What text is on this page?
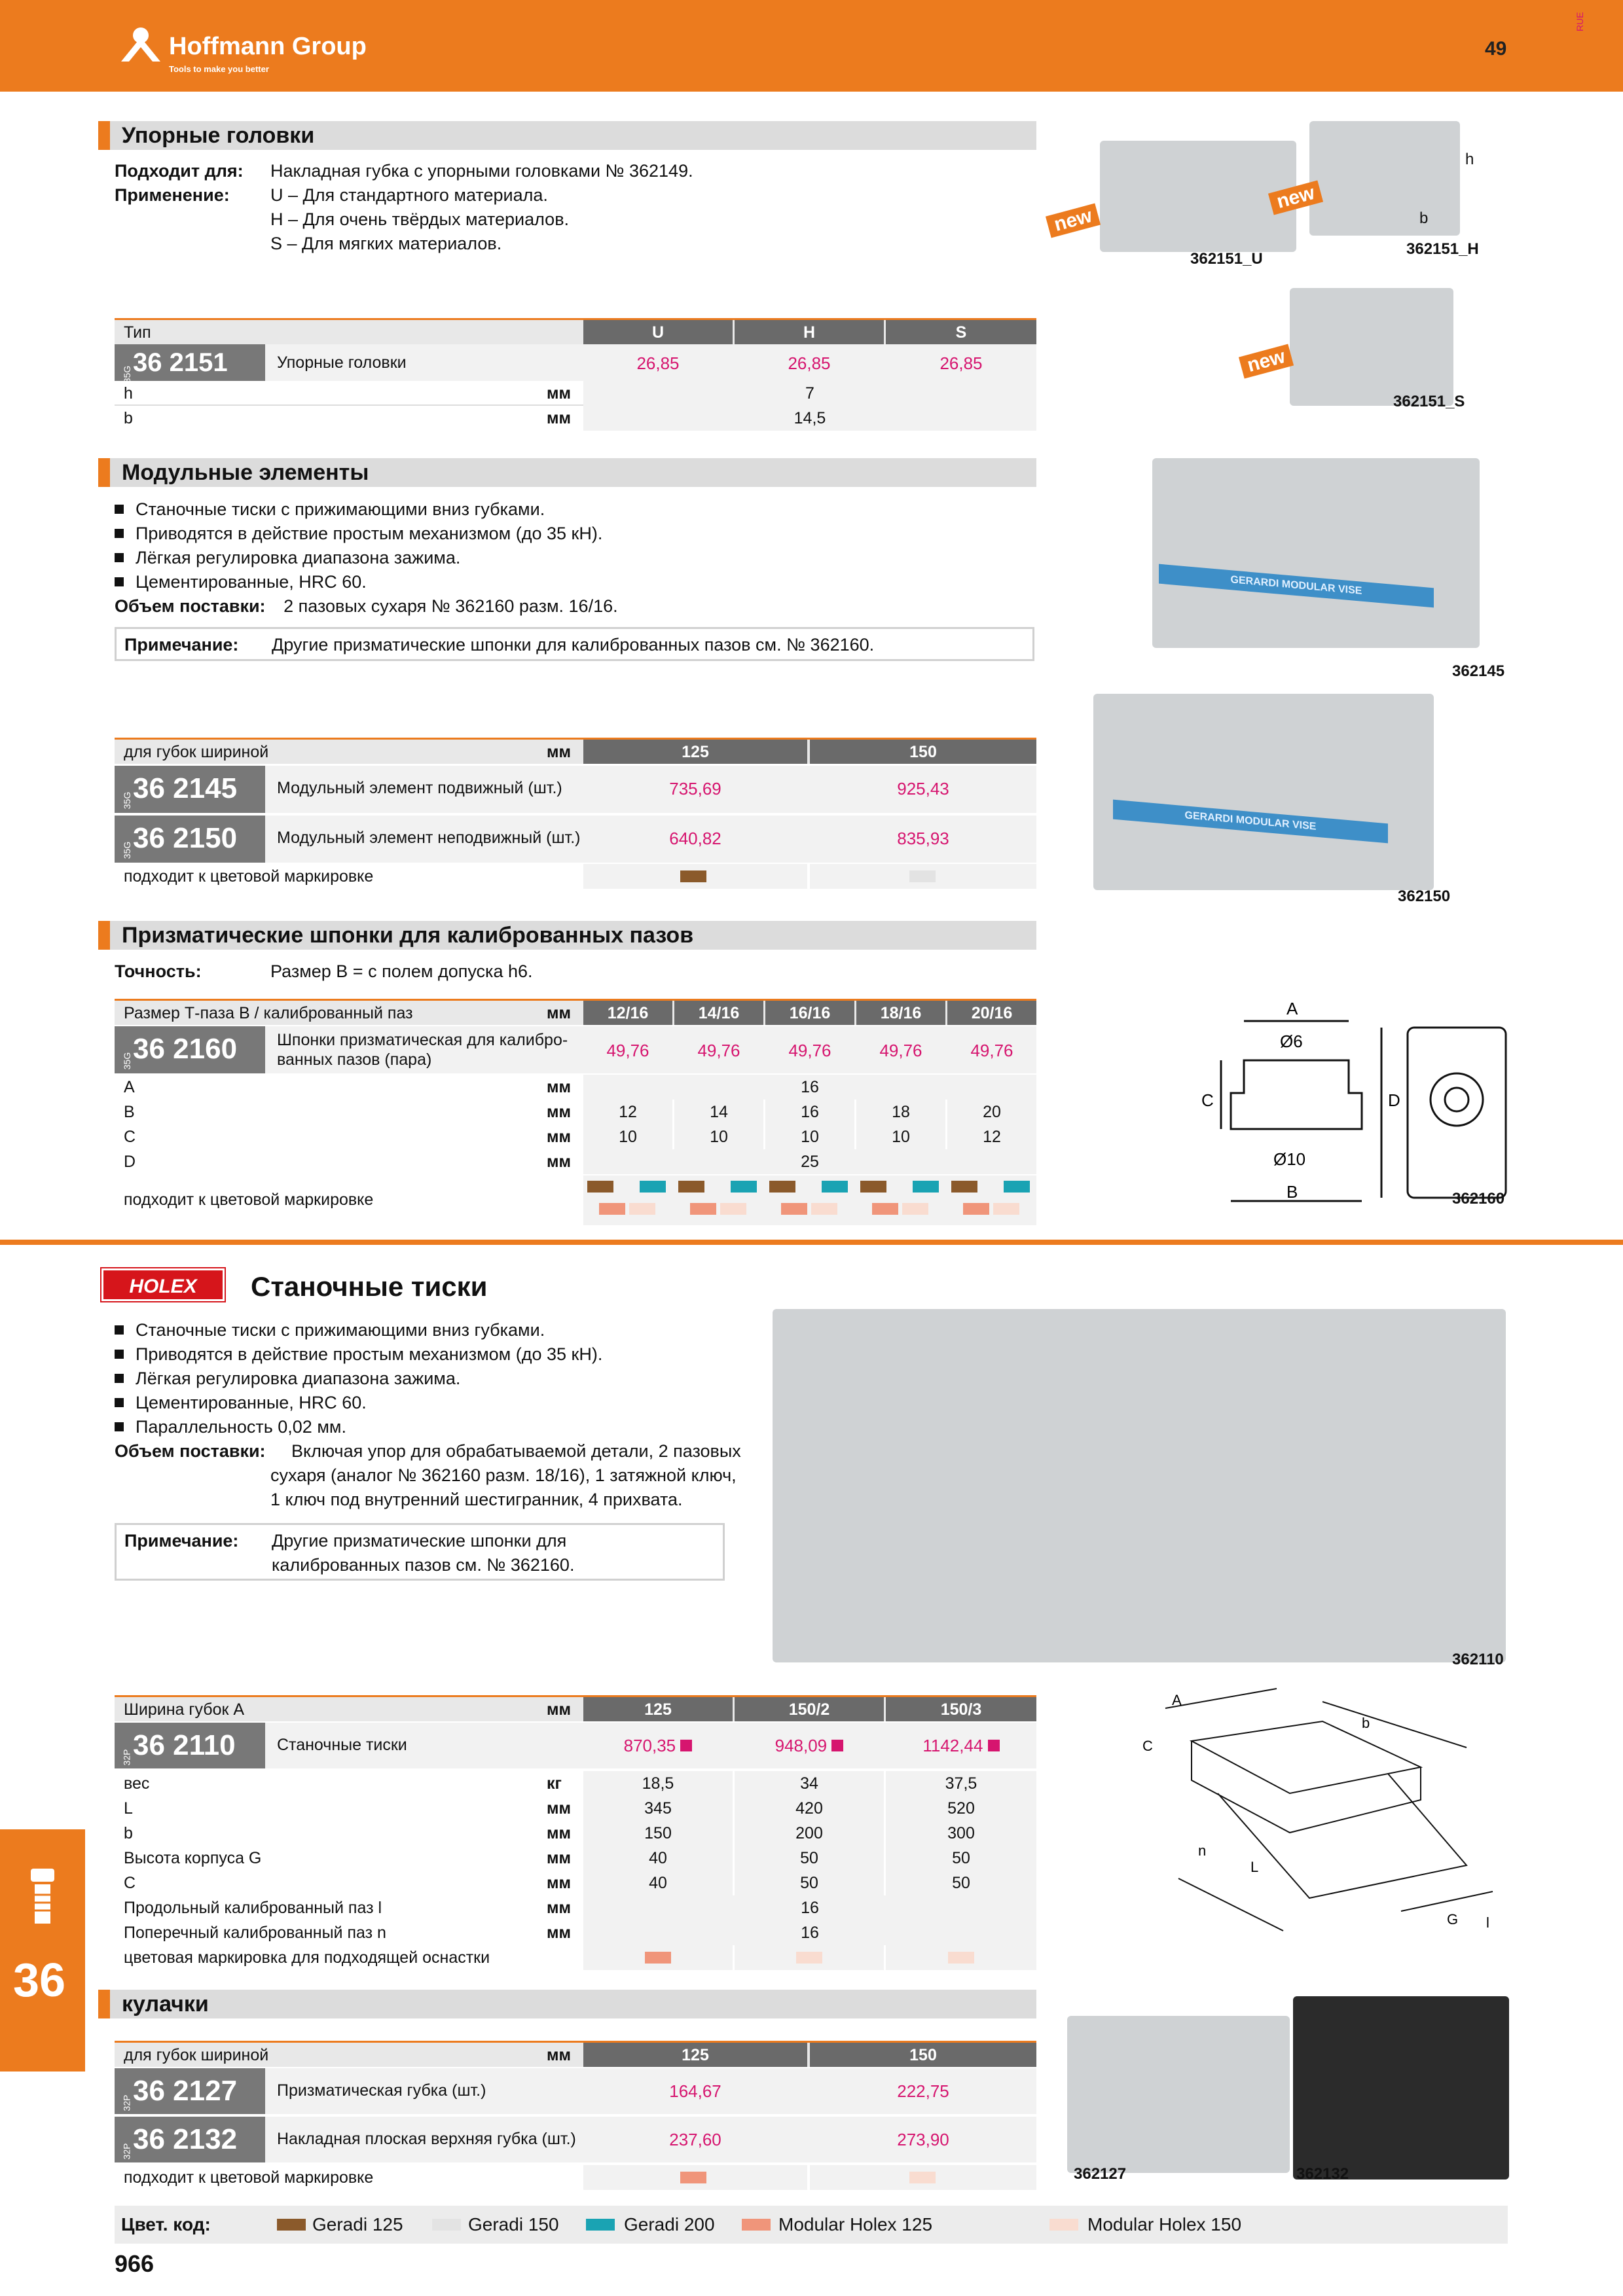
Hoffmann Group
Tools to make you better
49
RUE
Упорные головки
Подходит для: Накладная губка с упорными головками № 362149.
Применение: U – Для стандартного материала.
H – Для очень твёрдых материалов.
S – Для мягких материалов.
Тип	U	H	S
35G 36 2151	Упорные головки	26,85	26,85	26,85
h	мм	7
b	мм	14,5
new
new
new
362151_U
362151_H
362151_S
h
b
Модульные элементы
Станочные тиски с прижимающими вниз губками.
Приводятся в действие простым механизмом (до 35 кН).
Лёгкая регулировка диапазона зажима.
Цементированные, HRC 60.
Объем поставки: 2 пазовых сухаря № 362160 разм. 16/16.
Примечание: Другие призматические шпонки для калиброванных пазов см. № 362160.
для губок шириной	мм	125	150
35G 36 2145	Модульный элемент подвижный (шт.)	735,69	925,43
35G 36 2150	Модульный элемент неподвижный (шт.)	640,82	835,93
подходит к цветовой маркировке
GERARDI MODULAR VISE
362145
GERARDI MODULAR VISE
362150
Призматические шпонки для калиброванных пазов
Точность:	Размер B = с полем допуска h6.
Размер Т-паза B / калиброванный паз	мм	12/16	14/16	16/16	18/16	20/16
35G 36 2160	Шпонки призматическая для калибро-
ванных пазов (пара)	49,76	49,76	49,76	49,76	49,76
A	мм	16
B	мм	12	14	16	18	20
C	мм	10	10	10	10	12
D	мм	25
подходит к цветовой маркировке
A
Ø6
C
Ø10
B
D
362160
HOLEX	Станочные тиски
Станочные тиски с прижимающими вниз губками.
Приводятся в действие простым механизмом (до 35 кН).
Лёгкая регулировка диапазона зажима.
Цементированные, HRC 60.
Параллельность 0,02 мм.
Объем поставки: Включая упор для обрабатываемой детали, 2 пазовых
сухаря (аналог № 362160 разм. 18/16), 1 затяжной ключ,
1 ключ под внутренний шестигранник, 4 прихвата.
Примечание: Другие призматические шпонки для
калиброванных пазов см. № 362160.
362110
Ширина губок A	мм	125	150/2	150/3
32P 36 2110	Станочные тиски	870,35	948,09	1142,44
вес	кг	18,5	34	37,5
L	мм	345	420	520
b	мм	150	200	300
Высота корпуса G	мм	40	50	50
C	мм	40	50	50
Продольный калиброванный паз l	мм	16
Поперечный калиброванный паз n	мм	16
цветовая маркировка для подходящей оснастки
A
b
C
n
L
G l
кулачки
для губок шириной	мм	125	150
32P 36 2127	Призматическая губка (шт.)	164,67	222,75
32P 36 2132	Накладная плоская верхняя губка (шт.)	237,60	273,90
подходит к цветовой маркировке	362127	362132
Цвет. код:	Geradi 125	Geradi 150	Geradi 200	Modular Holex 125	Modular Holex 150
966
36
